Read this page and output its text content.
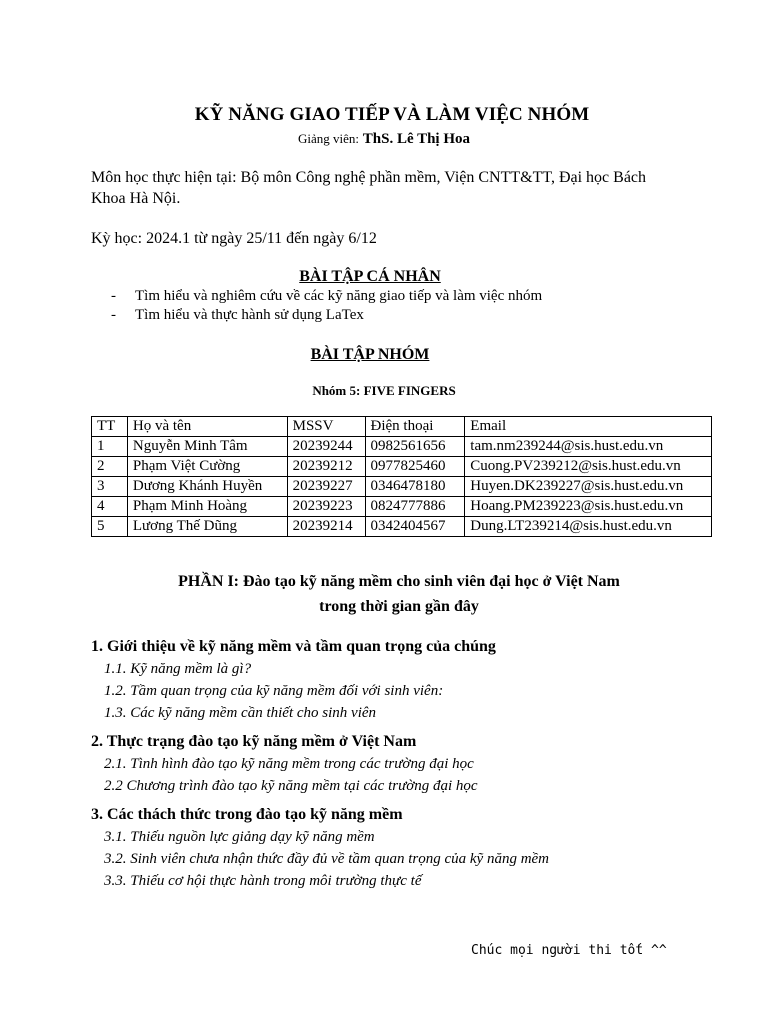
KỸ NĂNG GIAO TIẾP VÀ LÀM VIỆC NHÓM
Giảng viên: ThS. Lê Thị Hoa
Môn học thực hiện tại: Bộ môn Công nghệ phần mềm, Viện CNTT&TT, Đại học Bách
Khoa Hà Nội.
Kỳ học: 2024.1 từ ngày 25/11 đến ngày 6/12
BÀI TẬP CÁ NHÂN
- Tìm hiểu và nghiêm cứu về các kỹ năng giao tiếp và làm việc nhóm
- Tìm hiểu và thực hành sử dụng LaTex
BÀI TẬP NHÓM
Nhóm 5: FIVE FINGERS
TT	Họ và tên	MSSV	Điện thoại	Email
1	Nguyễn Minh Tâm	20239244	0982561656	tam.nm239244@sis.hust.edu.vn
2	Phạm Việt Cường	20239212	0977825460	Cuong.PV239212@sis.hust.edu.vn
3	Dương Khánh Huyền	20239227	0346478180	Huyen.DK239227@sis.hust.edu.vn
4	Phạm Minh Hoàng	20239223	0824777886	Hoang.PM239223@sis.hust.edu.vn
5	Lương Thế Dũng	20239214	0342404567	Dung.LT239214@sis.hust.edu.vn
PHẦN I: Đào tạo kỹ năng mềm cho sinh viên đại học ở Việt Nam
trong thời gian gần đây
1. Giới thiệu về kỹ năng mềm và tầm quan trọng của chúng
1.1. Kỹ năng mềm là gì?
1.2. Tầm quan trọng của kỹ năng mềm đối với sinh viên:
1.3. Các kỹ năng mềm cần thiết cho sinh viên
2. Thực trạng đào tạo kỹ năng mềm ở Việt Nam
2.1. Tình hình đào tạo kỹ năng mềm trong các trường đại học
2.2 Chương trình đào tạo kỹ năng mềm tại các trường đại học
3. Các thách thức trong đào tạo kỹ năng mềm
3.1. Thiếu nguồn lực giảng dạy kỹ năng mềm
3.2. Sinh viên chưa nhận thức đầy đủ về tầm quan trọng của kỹ năng mềm
3.3. Thiếu cơ hội thực hành trong môi trường thực tế
Chúc mọi người thi tốt ^^
